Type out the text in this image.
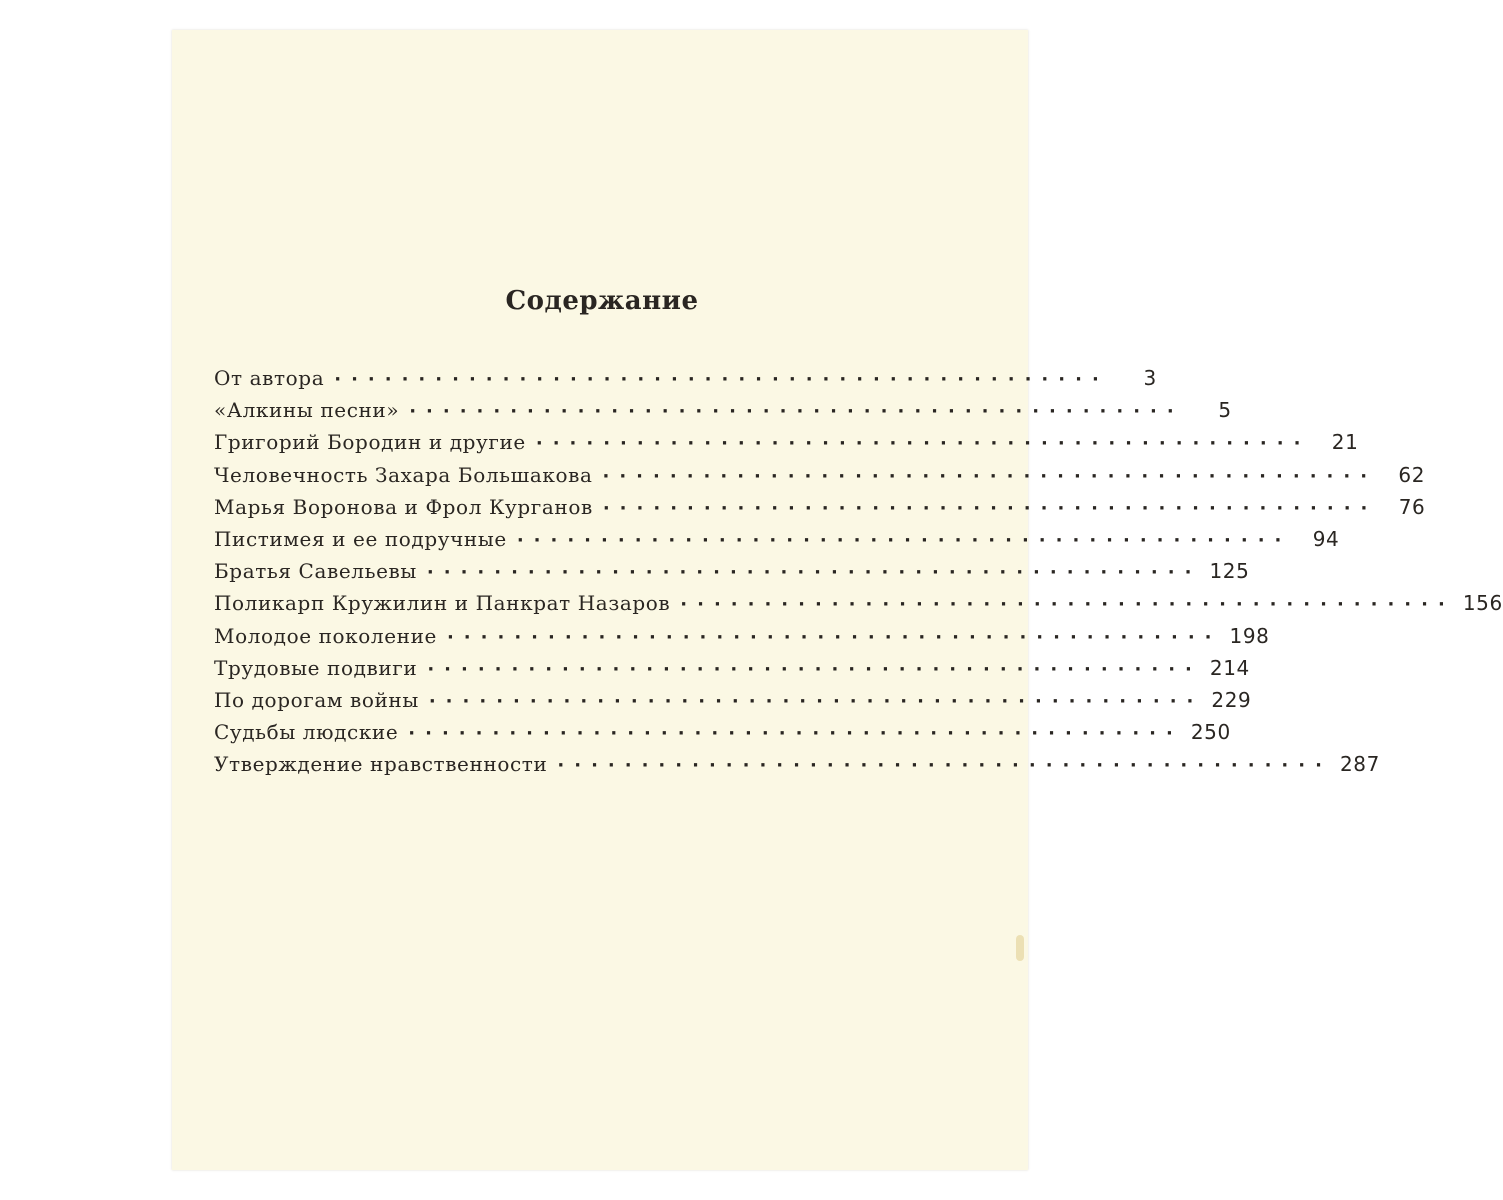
Содержание
От автора ··············································	3
«Алкины песни» ··············································	5
Григорий Бородин и другие ··············································	21
Человечность Захара Большакова ··············································	62
Марья Воронова и Фрол Курганов ··············································	76
Пистимея и ее подручные ··············································	94
Братья Савельевы ·············································· 125
Поликарп Кружилин и Панкрат Назаров ·············································· 156
Молодое поколение ·············································· 198
Трудовые подвиги ·············································· 214
По дорогам войны ·············································· 229
Судьбы людские ·············································· 250
Утверждение нравственности ·············································· 287
